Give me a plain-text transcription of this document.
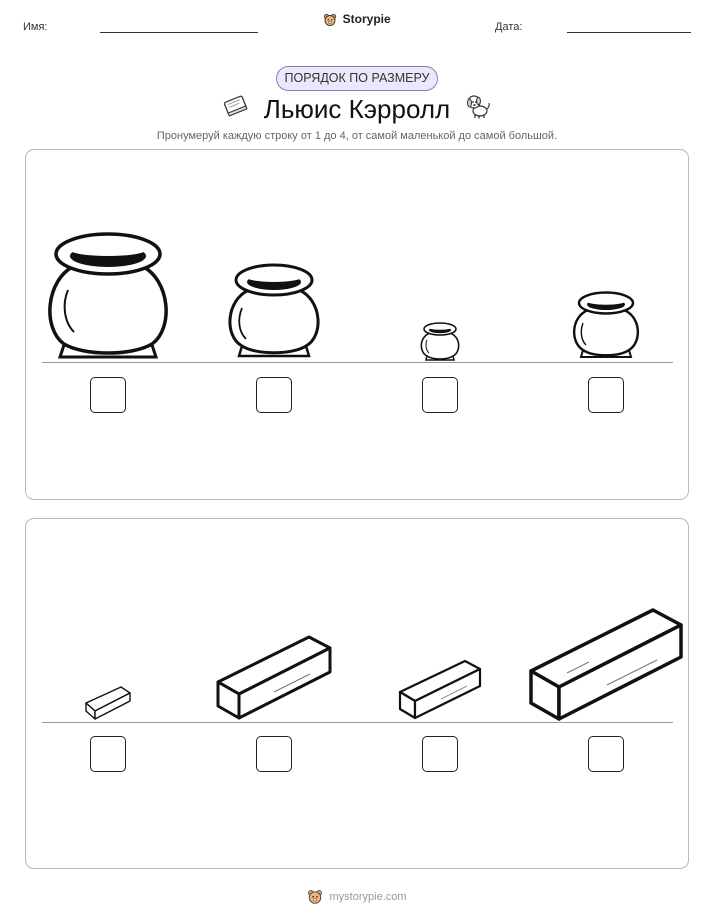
Имя:
Storypie
Дата:
ПОРЯДОК ПО РАЗМЕРУ
Льюис Кэрролл
Пронумеруй каждую строку от 1 до 4, от самой маленькой до самой большой.
mystorypie.com
